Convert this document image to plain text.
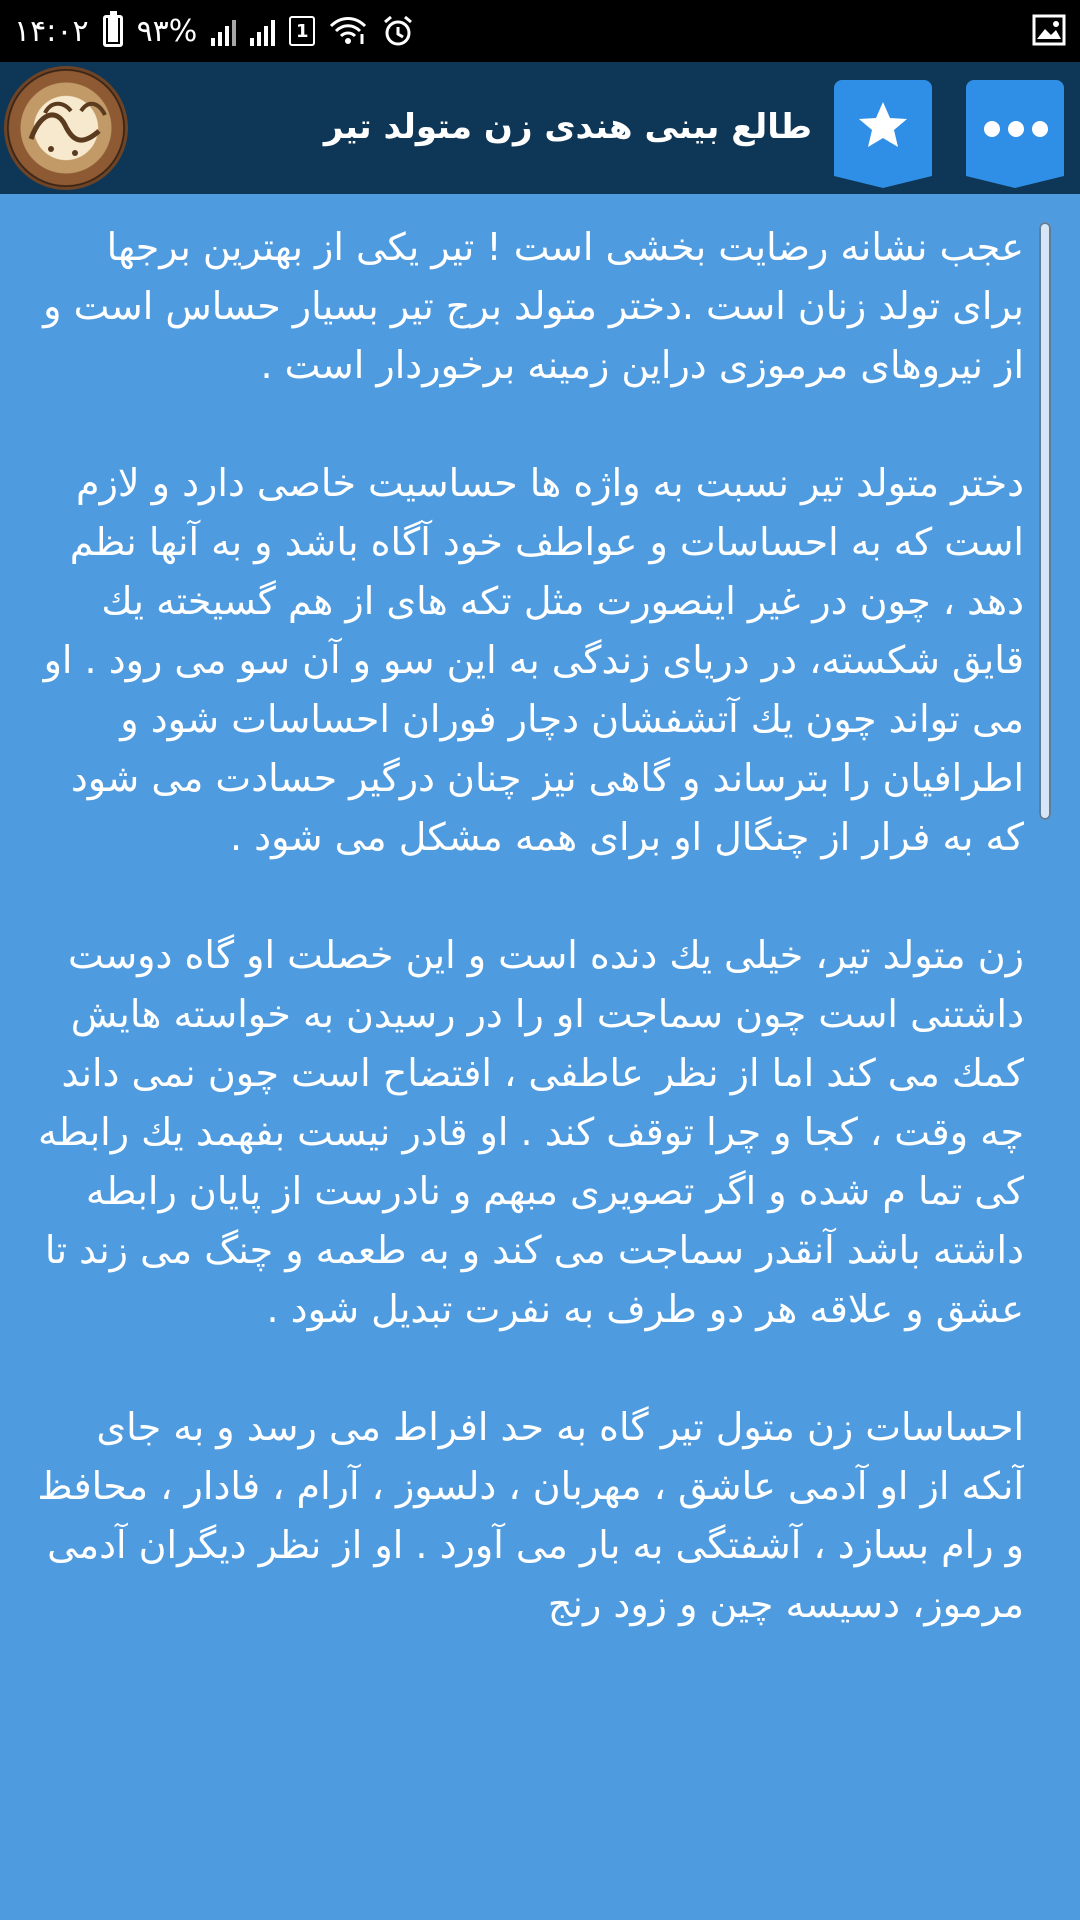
۱۴:۰۲ ۹۳%	1
طالع بینی هندی زن متولد تیر

عجب نشانه رضایت بخشی است ! تیر یکی از بهترین برجها برای تولد زنان است .دختر متولد برج تیر بسیار حساس است و از نیروهای مرموزی دراین زمینه برخوردار است .

دختر متولد تیر نسبت به واژه ها حساسیت خاصی دارد و لازم است که به احساسات و عواطف خود آگاه باشد و به آنها نظم دهد ، چون در غیر اینصورت مثل تکه های از هم گسیخته یك قایق شکسته، در دریای زندگی به این سو و آن سو می رود . او می تواند چون یك آتشفشان دچار فوران احساسات شود و اطرافیان را بترساند و گاهی نیز چنان درگیر حسادت می شود که به فرار از چنگال او برای همه مشکل می شود .

زن متولد تیر، خیلی یك دنده است و این خصلت او گاه دوست داشتنی است چون سماجت او را در رسیدن به خواسته هایش کمك می کند اما از نظر عاطفی ، افتضاح است چون نمی داند چه وقت ، کجا و چرا توقف کند . او قادر نیست بفهمد یك رابطه کی تما م شده و اگر تصویری مبهم و نادرست از پایان رابطه داشته باشد آنقدر سماجت می کند و به طعمه و چنگ می زند تا عشق و علاقه هر دو طرف به نفرت تبدیل شود .

احساسات زن متول تیر گاه به حد افراط می رسد و به جای آنکه از او آدمی عاشق ، مهربان ، دلسوز ، آرام ، فادار ، محافظ و رام بسازد ، آشفتگی به بار می آورد . او از نظر دیگران آدمی مرموز، دسیسه چین و زود رنج
